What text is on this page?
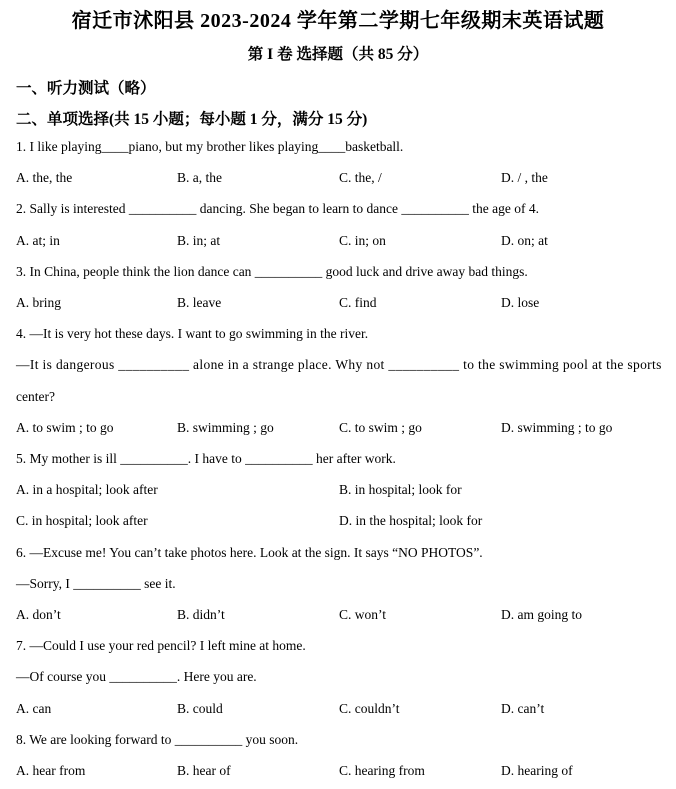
宿迁市沭阳县 2023-2024 学年第二学期七年级期末英语试题
第 I 卷 选择题（共 85 分）
一、听力测试（略）
二、单项选择(共 15 小题；每小题 1 分，满分 15 分)
1. I like playing____piano, but my brother likes playing____basketball.
A. the, the	B. a, the	C. the, /	D. / , the
2. Sally is interested __________ dancing. She began to learn to dance __________ the age of 4.
A. at; in	B. in; at	C. in; on	D. on; at
3. In China, people think the lion dance can __________ good luck and drive away bad things.
A. bring	B. leave	C. find	D. lose
4. —It is very hot these days. I want to go swimming in the river.
—It is dangerous __________ alone in a strange place. Why not __________ to the swimming pool at the sports
center?
A. to swim ; to go	B. swimming ; go	C. to swim ; go	D. swimming ; to go
5. My mother is ill __________. I have to __________ her after work.
A. in a hospital; look after	B. in hospital; look for
C. in hospital; look after	D. in the hospital; look for
6. —Excuse me! You can’t take photos here. Look at the sign. It says “NO PHOTOS”.
—Sorry, I __________ see it.
A. don’t	B. didn’t	C. won’t	D. am going to
7. —Could I use your red pencil? I left mine at home.
—Of course you __________. Here you are.
A. can	B. could	C. couldn’t	D. can’t
8. We are looking forward to __________ you soon.
A. hear from	B. hear of	C. hearing from	D. hearing of
